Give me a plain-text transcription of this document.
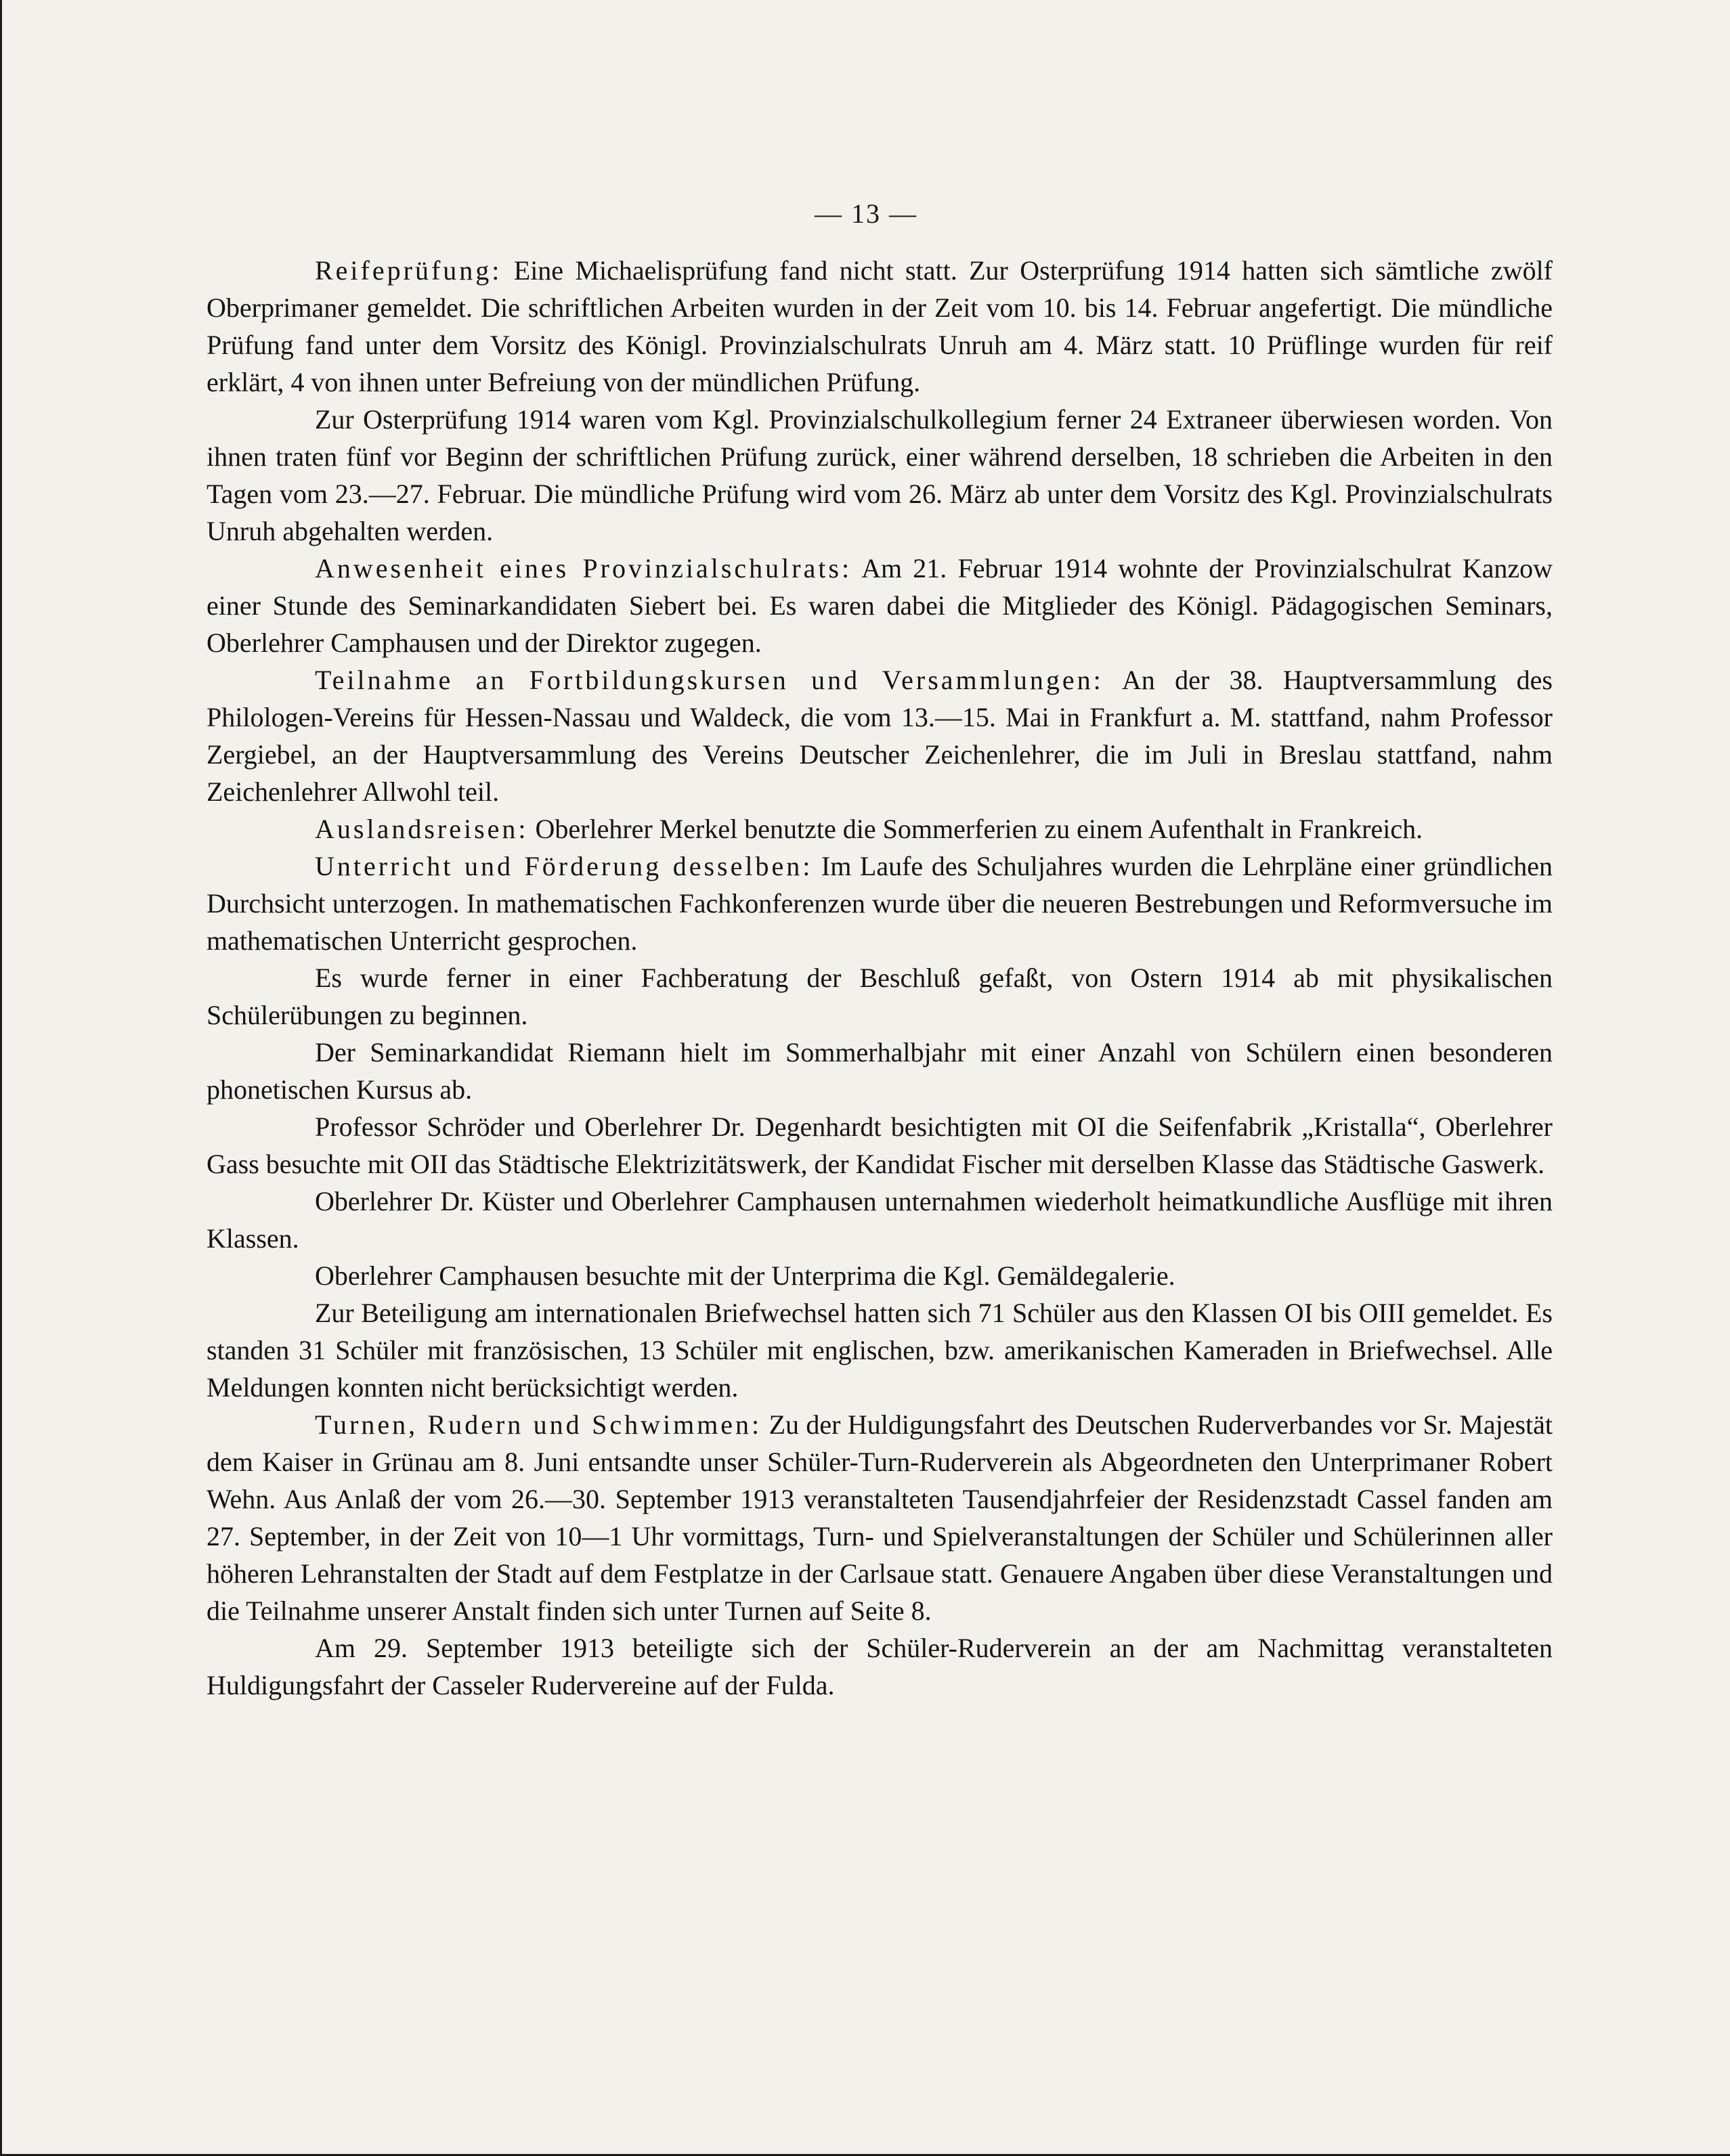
— 13 —

Reifeprüfung: Eine Michaelisprüfung fand nicht statt. Zur Osterprüfung 1914 hatten sich sämtliche zwölf Oberprimaner gemeldet. Die schriftlichen Arbeiten wurden in der Zeit vom 10. bis 14. Februar angefertigt. Die mündliche Prüfung fand unter dem Vorsitz des Königl. Provinzialschulrats Unruh am 4. März statt. 10 Prüflinge wurden für reif erklärt, 4 von ihnen unter Befreiung von der mündlichen Prüfung.

Zur Osterprüfung 1914 waren vom Kgl. Provinzialschulkollegium ferner 24 Extraneer überwiesen worden. Von ihnen traten fünf vor Beginn der schriftlichen Prüfung zurück, einer während derselben, 18 schrieben die Arbeiten in den Tagen vom 23.—27. Februar. Die mündliche Prüfung wird vom 26. März ab unter dem Vorsitz des Kgl. Provinzialschulrats Unruh abgehalten werden.

Anwesenheit eines Provinzialschulrats: Am 21. Februar 1914 wohnte der Provinzialschulrat Kanzow einer Stunde des Seminarkandidaten Siebert bei. Es waren dabei die Mitglieder des Königl. Pädagogischen Seminars, Oberlehrer Camphausen und der Direktor zugegen.

Teilnahme an Fortbildungskursen und Versammlungen: An der 38. Hauptversammlung des Philologen-Vereins für Hessen-Nassau und Waldeck, die vom 13.—15. Mai in Frankfurt a. M. stattfand, nahm Professor Zergiebel, an der Hauptversammlung des Vereins Deutscher Zeichenlehrer, die im Juli in Breslau stattfand, nahm Zeichenlehrer Allwohl teil.

Auslandsreisen: Oberlehrer Merkel benutzte die Sommerferien zu einem Aufenthalt in Frankreich.

Unterricht und Förderung desselben: Im Laufe des Schuljahres wurden die Lehrpläne einer gründlichen Durchsicht unterzogen. In mathematischen Fachkonferenzen wurde über die neueren Bestrebungen und Reformversuche im mathematischen Unterricht gesprochen.

Es wurde ferner in einer Fachberatung der Beschluß gefaßt, von Ostern 1914 ab mit physikalischen Schülerübungen zu beginnen.

Der Seminarkandidat Riemann hielt im Sommerhalbjahr mit einer Anzahl von Schülern einen besonderen phonetischen Kursus ab.

Professor Schröder und Oberlehrer Dr. Degenhardt besichtigten mit OI die Seifenfabrik „Kristalla“, Oberlehrer Gass besuchte mit OII das Städtische Elektrizitätswerk, der Kandidat Fischer mit derselben Klasse das Städtische Gaswerk.

Oberlehrer Dr. Küster und Oberlehrer Camphausen unternahmen wiederholt heimatkundliche Ausflüge mit ihren Klassen.

Oberlehrer Camphausen besuchte mit der Unterprima die Kgl. Gemäldegalerie.

Zur Beteiligung am internationalen Briefwechsel hatten sich 71 Schüler aus den Klassen OI bis OIII gemeldet. Es standen 31 Schüler mit französischen, 13 Schüler mit englischen, bzw. amerikanischen Kameraden in Briefwechsel. Alle Meldungen konnten nicht berücksichtigt werden.

Turnen, Rudern und Schwimmen: Zu der Huldigungsfahrt des Deutschen Ruderverbandes vor Sr. Majestät dem Kaiser in Grünau am 8. Juni entsandte unser Schüler-Turn-Ruderverein als Abgeordneten den Unterprimaner Robert Wehn. Aus Anlaß der vom 26.—30. September 1913 veranstalteten Tausendjahrfeier der Residenzstadt Cassel fanden am 27. September, in der Zeit von 10—1 Uhr vormittags, Turn- und Spielveranstaltungen der Schüler und Schülerinnen aller höheren Lehranstalten der Stadt auf dem Festplatze in der Carlsaue statt. Genauere Angaben über diese Veranstaltungen und die Teilnahme unserer Anstalt finden sich unter Turnen auf Seite 8.

Am 29. September 1913 beteiligte sich der Schüler-Ruderverein an der am Nachmittag veranstalteten Huldigungsfahrt der Casseler Rudervereine auf der Fulda.
